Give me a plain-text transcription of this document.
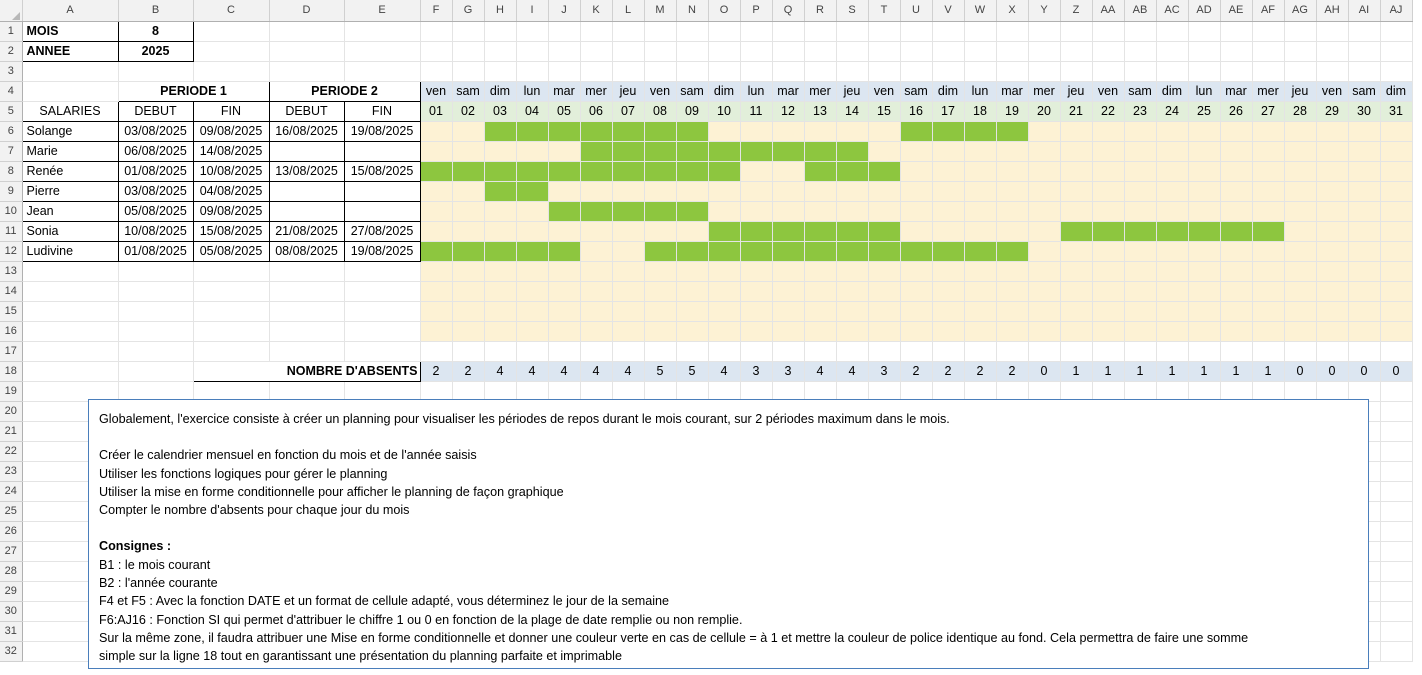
	A	B	C	D	E	F	G	H	I	J	K	L	M	N	O	P	Q	R	S	T	U	V	W	X	Y	Z	AA	AB	AC	AD	AE	AF	AG	AH	AI	AJ
1	MOIS	8																																		
2	ANNEE	2025																																		
3																																				
4		PERIODE 1		PERIODE 2		ven	sam	dim	lun	mar	mer	jeu	ven	sam	dim	lun	mar	mer	jeu	ven	sam	dim	lun	mar	mer	jeu	ven	sam	dim	lun	mar	mer	jeu	ven	sam	dim
5	SALARIES	DEBUT	FIN	DEBUT	FIN	01	02	03	04	05	06	07	08	09	10	11	12	13	14	15	16	17	18	19	20	21	22	23	24	25	26	27	28	29	30	31
6	Solange	03/08/2025	09/08/2025	16/08/2025	19/08/2025																															
7	Marie	06/08/2025	14/08/2025																																	
8	Renée	01/08/2025	10/08/2025	13/08/2025	15/08/2025																															
9	Pierre	03/08/2025	04/08/2025																																	
10	Jean	05/08/2025	09/08/2025																																	
11	Sonia	10/08/2025	15/08/2025	21/08/2025	27/08/2025																															
12	Ludivine	01/08/2025	05/08/2025	08/08/2025	19/08/2025																															
13																																				
14																																				
15																																				
16																																				
17																																				
18			NOMBRE D'ABSENTS			2	2	4	4	4	4	4	5	5	4	3	3	4	4	3	2	2	2	2	0	1	1	1	1	1	1	1	0	0	0	0
19																																				
20																																				
21																																				
22																																				
23																																				
24																																				
25																																				
26																																				
27																																				
28																																				
29																																				
30																																				
31																																				
32																																				

Globalement, l'exercice consiste à créer un planning pour visualiser les périodes de repos durant le mois courant, sur 2 périodes maximum dans le mois.

Créer le calendrier mensuel en fonction du mois et de l'année saisis

Utiliser les fonctions logiques pour gérer le planning

Utiliser la mise en forme conditionnelle pour afficher le planning de façon graphique

Compter le nombre d'absents pour chaque jour du mois

Consignes :

B1 : le mois courant

B2 : l'année courante

F4 et F5 : Avec la fonction DATE et un format de cellule adapté, vous déterminez le jour de la semaine

F6:AJ16 : Fonction SI qui permet d'attribuer le chiffre 1 ou 0 en fonction de la plage de date remplie ou non remplie.

Sur la même zone, il faudra attribuer une Mise en forme conditionnelle et donner une couleur verte en cas de cellule = à 1 et mettre la couleur de police identique au fond. Cela permettra de faire une somme

simple sur la ligne 18 tout en garantissant une présentation du planning parfaite et imprimable
